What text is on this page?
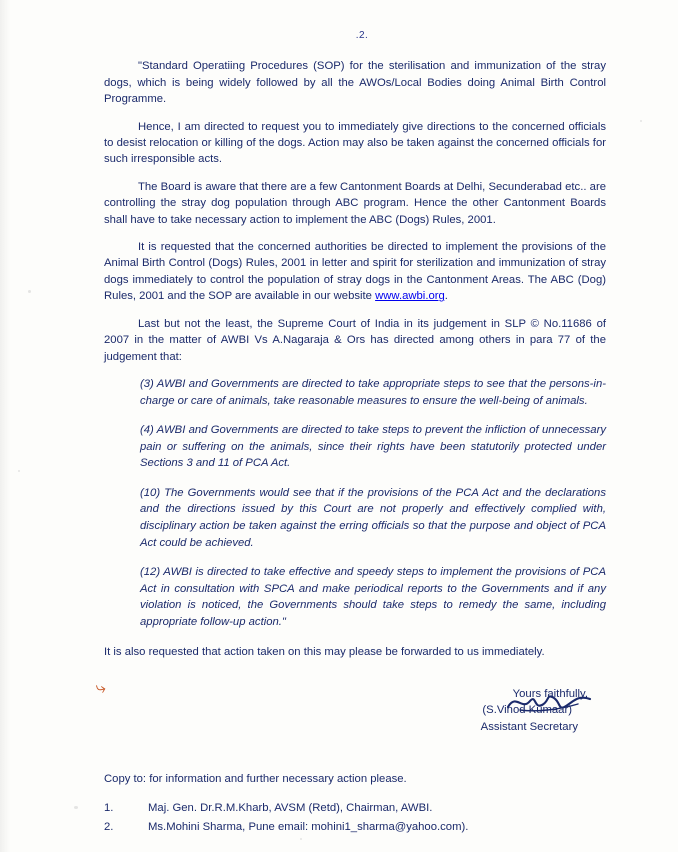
.2.

"Standard Operatiing Procedures (SOP) for the sterilisation and immunization of the stray dogs, which is being widely followed by all the AWOs/Local Bodies doing Animal Birth Control Programme.

Hence, I am directed to request you to immediately give directions to the concerned officials to desist relocation or killing of the dogs. Action may also be taken against the concerned officials for such irresponsible acts.

The Board is aware that there are a few Cantonment Boards at Delhi, Secunderabad etc.. are controlling the stray dog population through ABC program. Hence the other Cantonment Boards shall have to take necessary action to implement the ABC (Dogs) Rules, 2001.

It is requested that the concerned authorities be directed to implement the provisions of the Animal Birth Control (Dogs) Rules, 2001 in letter and spirit for sterilization and immunization of stray dogs immediately to control the population of stray dogs in the Cantonment Areas. The ABC (Dog) Rules, 2001 and the SOP are available in our website www.awbi.org.

Last but not the least, the Supreme Court of India in its judgement in SLP © No.11686 of 2007 in the matter of AWBI Vs A.Nagaraja & Ors has directed among others in para 77 of the judgement that:

(3) AWBI and Governments are directed to take appropriate steps to see that the persons-in-charge or care of animals, take reasonable measures to ensure the well-being of animals.

(4) AWBI and Governments are directed to take steps to prevent the infliction of unnecessary pain or suffering on the animals, since their rights have been statutorily protected under Sections 3 and 11 of PCA Act.

(10) The Governments would see that if the provisions of the PCA Act and the declarations and the directions issued by this Court are not properly and effectively complied with, disciplinary action be taken against the erring officials so that the purpose and object of PCA Act could be achieved.

(12) AWBI is directed to take effective and speedy steps to implement the provisions of PCA Act in consultation with SPCA and make periodical reports to the Governments and if any violation is noticed, the Governments should take steps to remedy the same, including appropriate follow-up action."

It is also requested that action taken on this may please be forwarded to us immediately.

Yours faithfully,

(S.Vinod Kumaar)

Assistant Secretary

Copy to: for information and further necessary action please.

1.	Maj. Gen. Dr.R.M.Kharb, AVSM (Retd), Chairman, AWBI.
2.	Ms.Mohini Sharma, Pune email: mohini1_sharma@yahoo.com).
⤷
